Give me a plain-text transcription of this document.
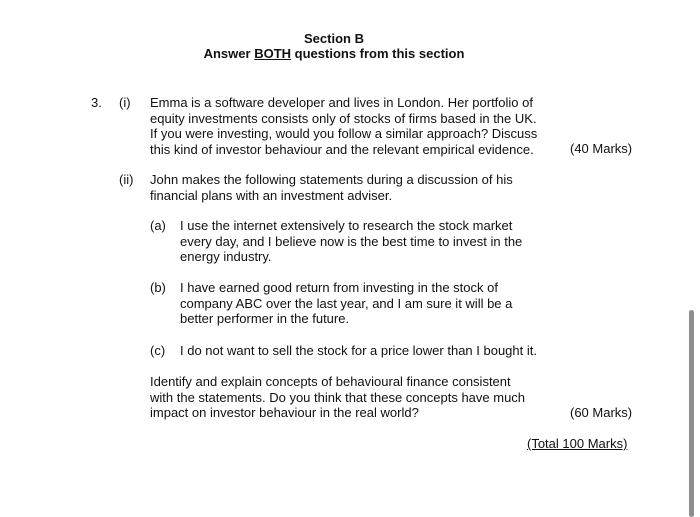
Section B
Answer BOTH questions from this section
3. (i) Emma is a software developer and lives in London. Her portfolio of
equity investments consists only of stocks of firms based in the UK.
If you were investing, would you follow a similar approach? Discuss
this kind of investor behaviour and the relevant empirical evidence.	(40 Marks)
(ii) John makes the following statements during a discussion of his
financial plans with an investment adviser.
(a) I use the internet extensively to research the stock market
every day, and I believe now is the best time to invest in the
energy industry.
(b) I have earned good return from investing in the stock of
company ABC over the last year, and I am sure it will be a
better performer in the future.
(c) I do not want to sell the stock for a price lower than I bought it.
Identify and explain concepts of behavioural finance consistent
with the statements. Do you think that these concepts have much
impact on investor behaviour in the real world?	(60 Marks)
(Total 100 Marks)
